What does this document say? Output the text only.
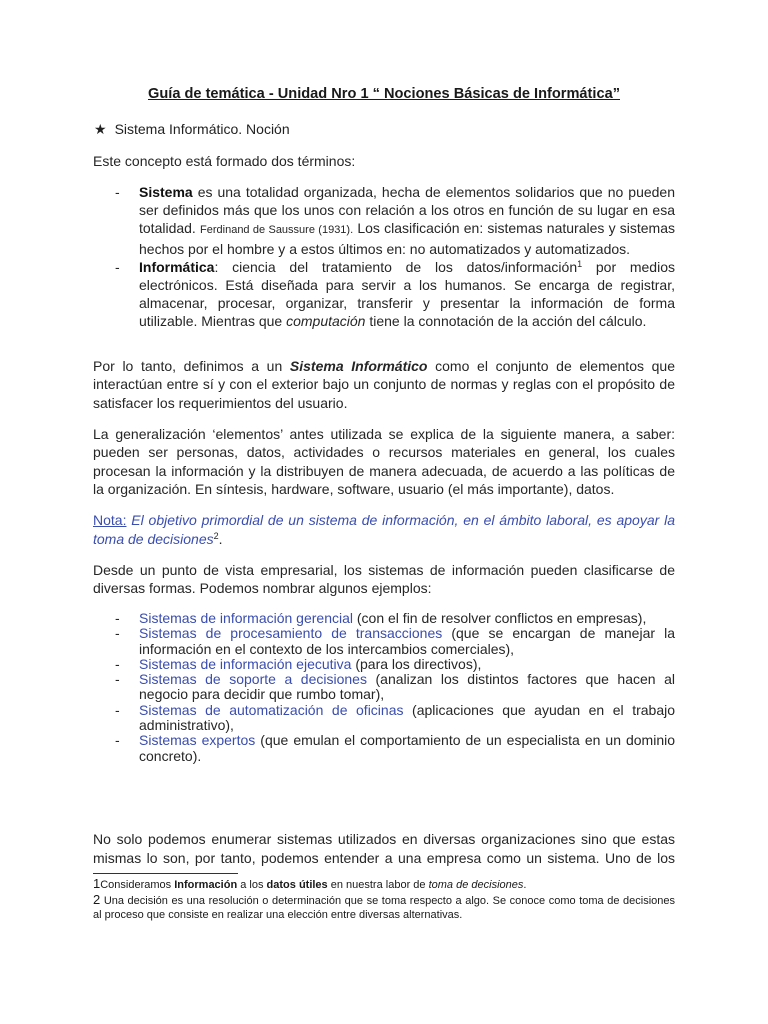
Guía de temática - Unidad Nro 1 “ Nociones Básicas de Informática”
★ Sistema Informático. Noción

Este concepto está formado dos términos:

- Sistema es una totalidad organizada, hecha de elementos solidarios que no pueden ser definidos más que los unos con relación a los otros en función de su lugar en esa totalidad. Ferdinand de Saussure (1931). Los clasificación en: sistemas naturales y sistemas hechos por el hombre y a estos últimos en: no automatizados y automatizados.
- Informática: ciencia del tratamiento de los datos/información$^1$ por medios electrónicos. Está diseñada para servir a los humanos. Se encarga de registrar, almacenar, procesar, organizar, transferir y presentar la información de forma utilizable. Mientras que computación tiene la connotación de la acción del cálculo.

Por lo tanto, definimos a un Sistema Informático como el conjunto de elementos que interactúan entre sí y con el exterior bajo un conjunto de normas y reglas con el propósito de satisfacer los requerimientos del usuario.

La generalización ‘elementos’ antes utilizada se explica de la siguiente manera, a saber: pueden ser personas, datos, actividades o recursos materiales en general, los cuales procesan la información y la distribuyen de manera adecuada, de acuerdo a las políticas de la organización. En síntesis, hardware, software, usuario (el más importante), datos.

Nota: El objetivo primordial de un sistema de información, en el ámbito laboral, es apoyar la toma de decisiones$^2$.

Desde un punto de vista empresarial, los sistemas de información pueden clasificarse de diversas formas. Podemos nombrar algunos ejemplos:

- Sistemas de información gerencial (con el fin de resolver conflictos en empresas),
- Sistemas de procesamiento de transacciones (que se encargan de manejar la información en el contexto de los intercambios comerciales),
- Sistemas de información ejecutiva (para los directivos),
- Sistemas de soporte a decisiones (analizan los distintos factores que hacen al negocio para decidir que rumbo tomar),
- Sistemas de automatización de oficinas (aplicaciones que ayudan en el trabajo administrativo),
- Sistemas expertos (que emulan el comportamiento de un especialista en un dominio concreto).

No solo podemos enumerar sistemas utilizados en diversas organizaciones sino que estas mismas lo son, por tanto, podemos entender a una empresa como un sistema. Uno de los

1Consideramos Información a los datos útiles en nuestra labor de toma de decisiones.

2 Una decisión es una resolución o determinación que se toma respecto a algo. Se conoce como toma de decisiones al proceso que consiste en realizar una elección entre diversas alternativas.
